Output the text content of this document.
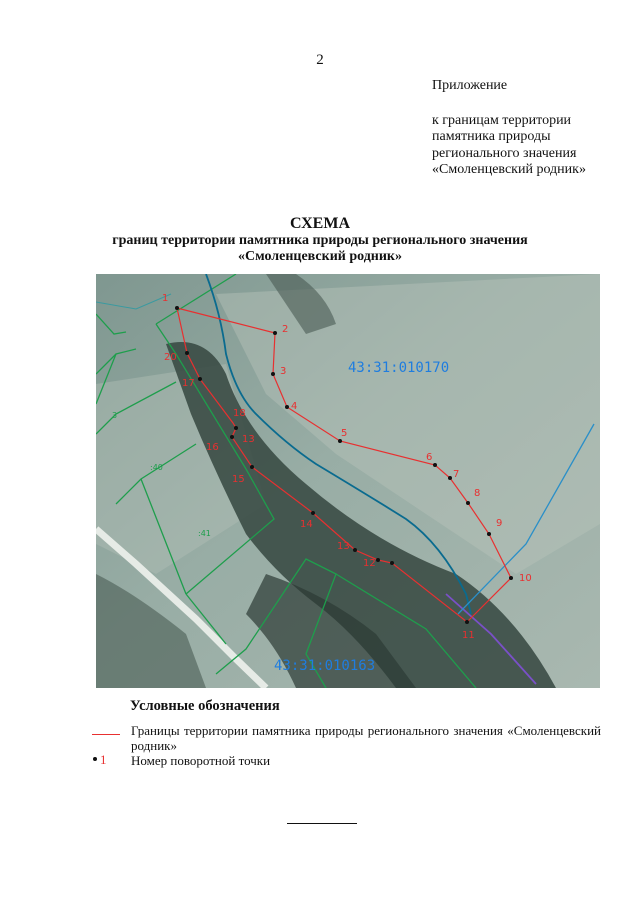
2
Приложение
к границам территории
памятника природы
регионального значения
«Смоленцевский родник»
СХЕМА
границ территории памятника природы регионального значения
«Смоленцевский родник»
43:31:010170
43:31:010163
3
:40
:41
1
2
3
4
5
6
7
8
9
10
11
12
13
14
15
16
13
18
17
20
Условные обозначения
Границы территории памятника природы регионального значения «Смоленцевский родник»
1 Номер поворотной точки
